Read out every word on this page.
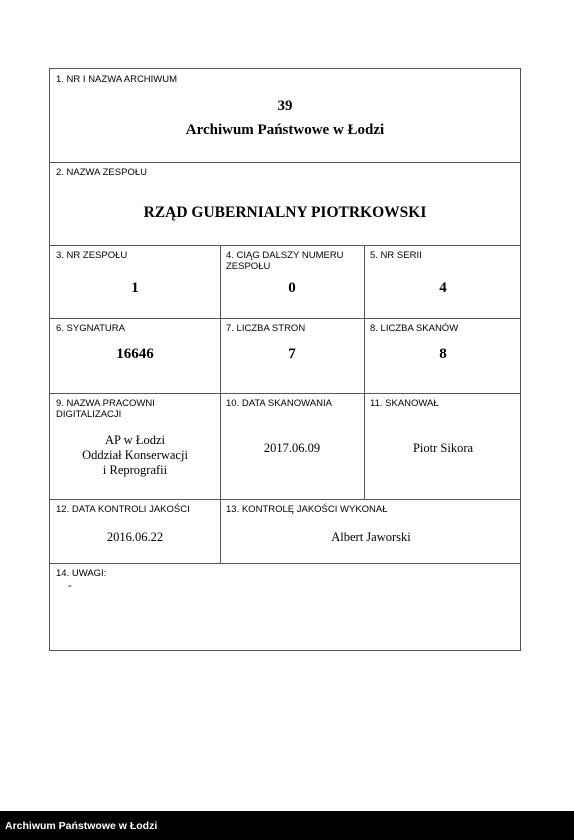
1. NR I NAZWA ARCHIWUM
39
Archiwum Państwowe w Łodzi
2. NAZWA ZESPOŁU
RZĄD GUBERNIALNY PIOTRKOWSKI
3. NR ZESPOŁU
1
4. CIĄG DALSZY NUMERU ZESPOŁU
0
5. NR SERII
4
6. SYGNATURA
16646
7. LICZBA STRON
7
8. LICZBA SKANÓW
8
9. NAZWA PRACOWNI DIGITALIZACJI
AP w Łodzi
Oddział Konserwacji
i Reprografii
10. DATA SKANOWANIA
2017.06.09
11. SKANOWAŁ
Piotr Sikora
12. DATA KONTROLI JAKOŚCI
2016.06.22
13. KONTROLĘ JAKOŚCI WYKONAŁ
Albert Jaworski
14. UWAGI:
-
Archiwum Państwowe w Łodzi
